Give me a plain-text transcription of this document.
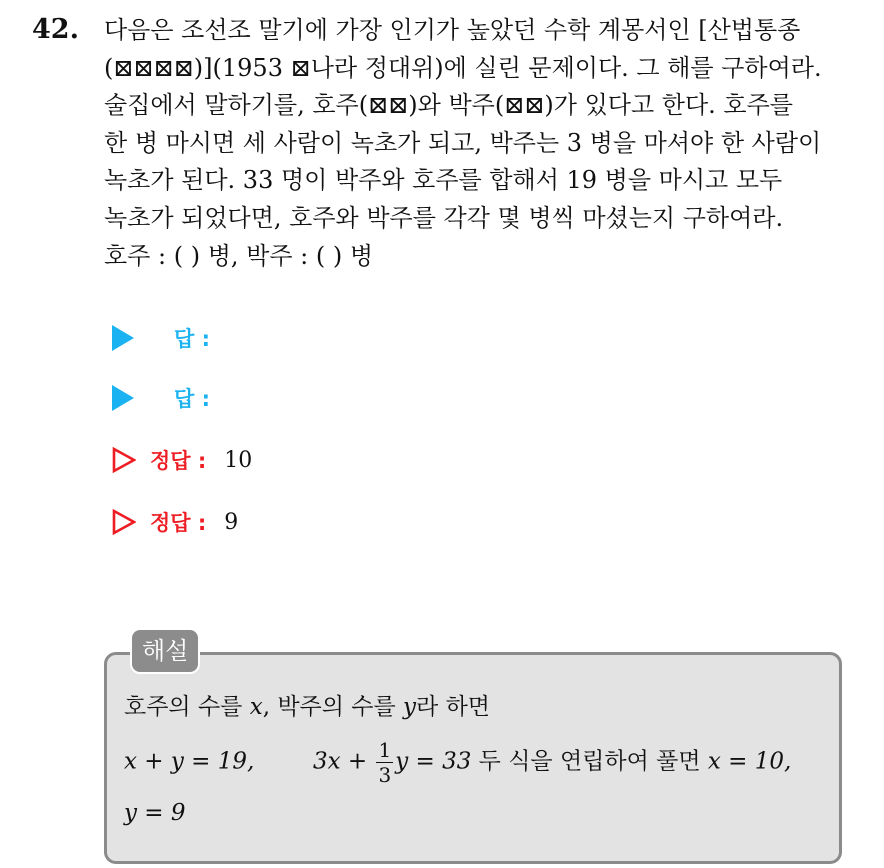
42. 다음은 조선조 말기에 가장 인기가 높았던 수학 계몽서인 [산법통종
(⊠⊠⊠⊠)](1953 ⊠나라 정대위)에 실린 문제이다. 그 해를 구하여라.
술집에서 말하기를, 호주(⊠⊠)와 박주(⊠⊠)가 있다고 한다. 호주를
한 병 마시면 세 사람이 녹초가 되고, 박주는 3 병을 마셔야 한 사람이
녹초가 된다. 33 명이 박주와 호주를 합해서 19 병을 마시고 모두
녹초가 되었다면, 호주와 박주를 각각 몇 병씩 마셨는지 구하여라.
호주 : ( ) 병, 박주 : ( ) 병
답 :
답 :
정답 : 10
정답 : 9
해설
호주의 수를 x, 박주의 수를 y라 하면
x + y = 19,	$3x + \frac{1}{3}$ y = 33 두 식을 연립하여 풀면 x = 10,
y = 9
